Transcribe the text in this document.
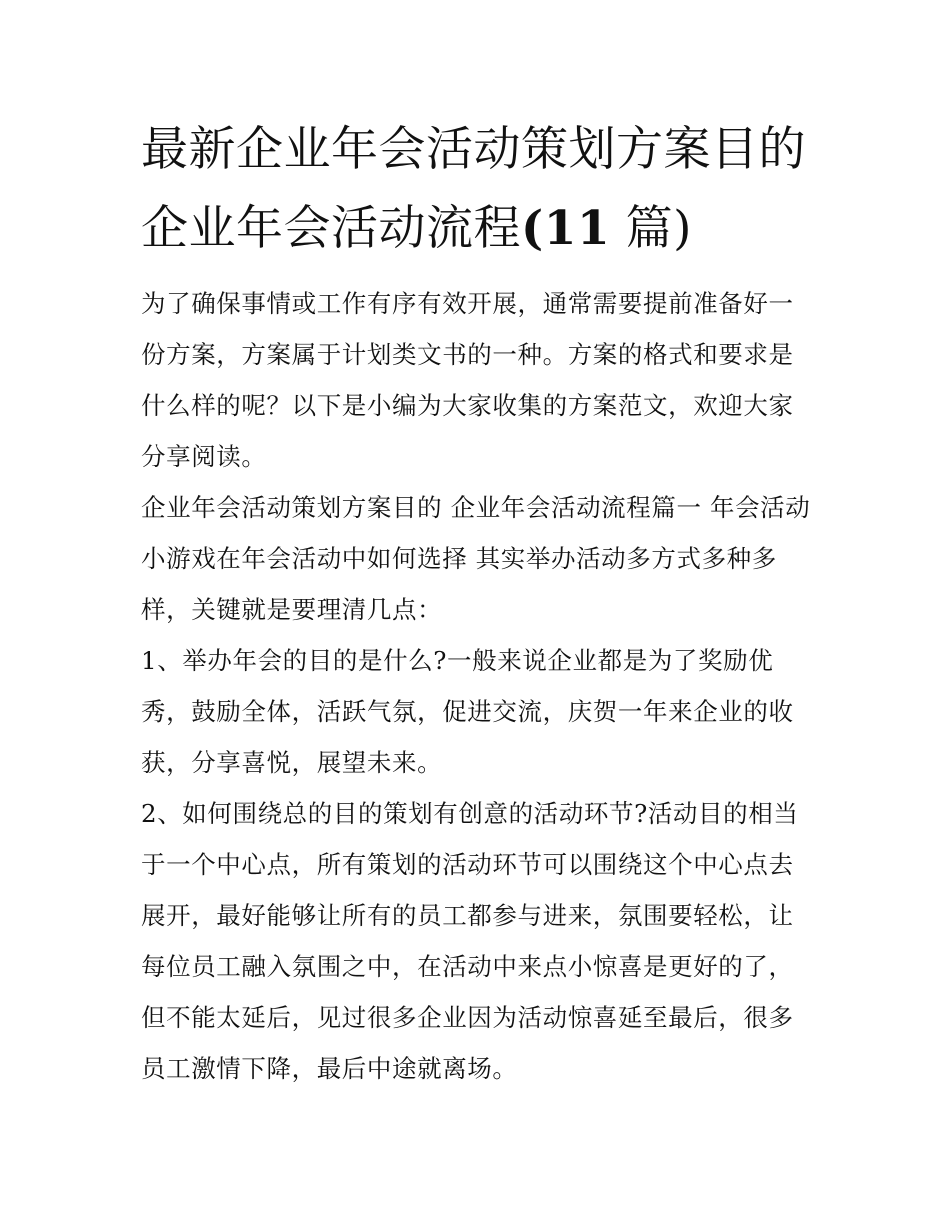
最新企业年会活动策划方案目的 企业年会活动流程(11 篇)

为了确保事情或工作有序有效开展，通常需要提前准备好一份方案，方案属于计划类文书的一种。方案的格式和要求是什么样的呢？以下是小编为大家收集的方案范文，欢迎大家分享阅读。

企业年会活动策划方案目的 企业年会活动流程篇一 年会活动小游戏在年会活动中如何选择 其实举办活动多方式多种多样，关键就是要理清几点：

1、举办年会的目的是什么?一般来说企业都是为了奖励优秀，鼓励全体，活跃气氛，促进交流，庆贺一年来企业的收获，分享喜悦，展望未来。

2、如何围绕总的目的策划有创意的活动环节?活动目的相当于一个中心点，所有策划的活动环节可以围绕这个中心点去展开，最好能够让所有的员工都参与进来，氛围要轻松，让每位员工融入氛围之中，在活动中来点小惊喜是更好的了，但不能太延后，见过很多企业因为活动惊喜延至最后，很多员工激情下降，最后中途就离场。
